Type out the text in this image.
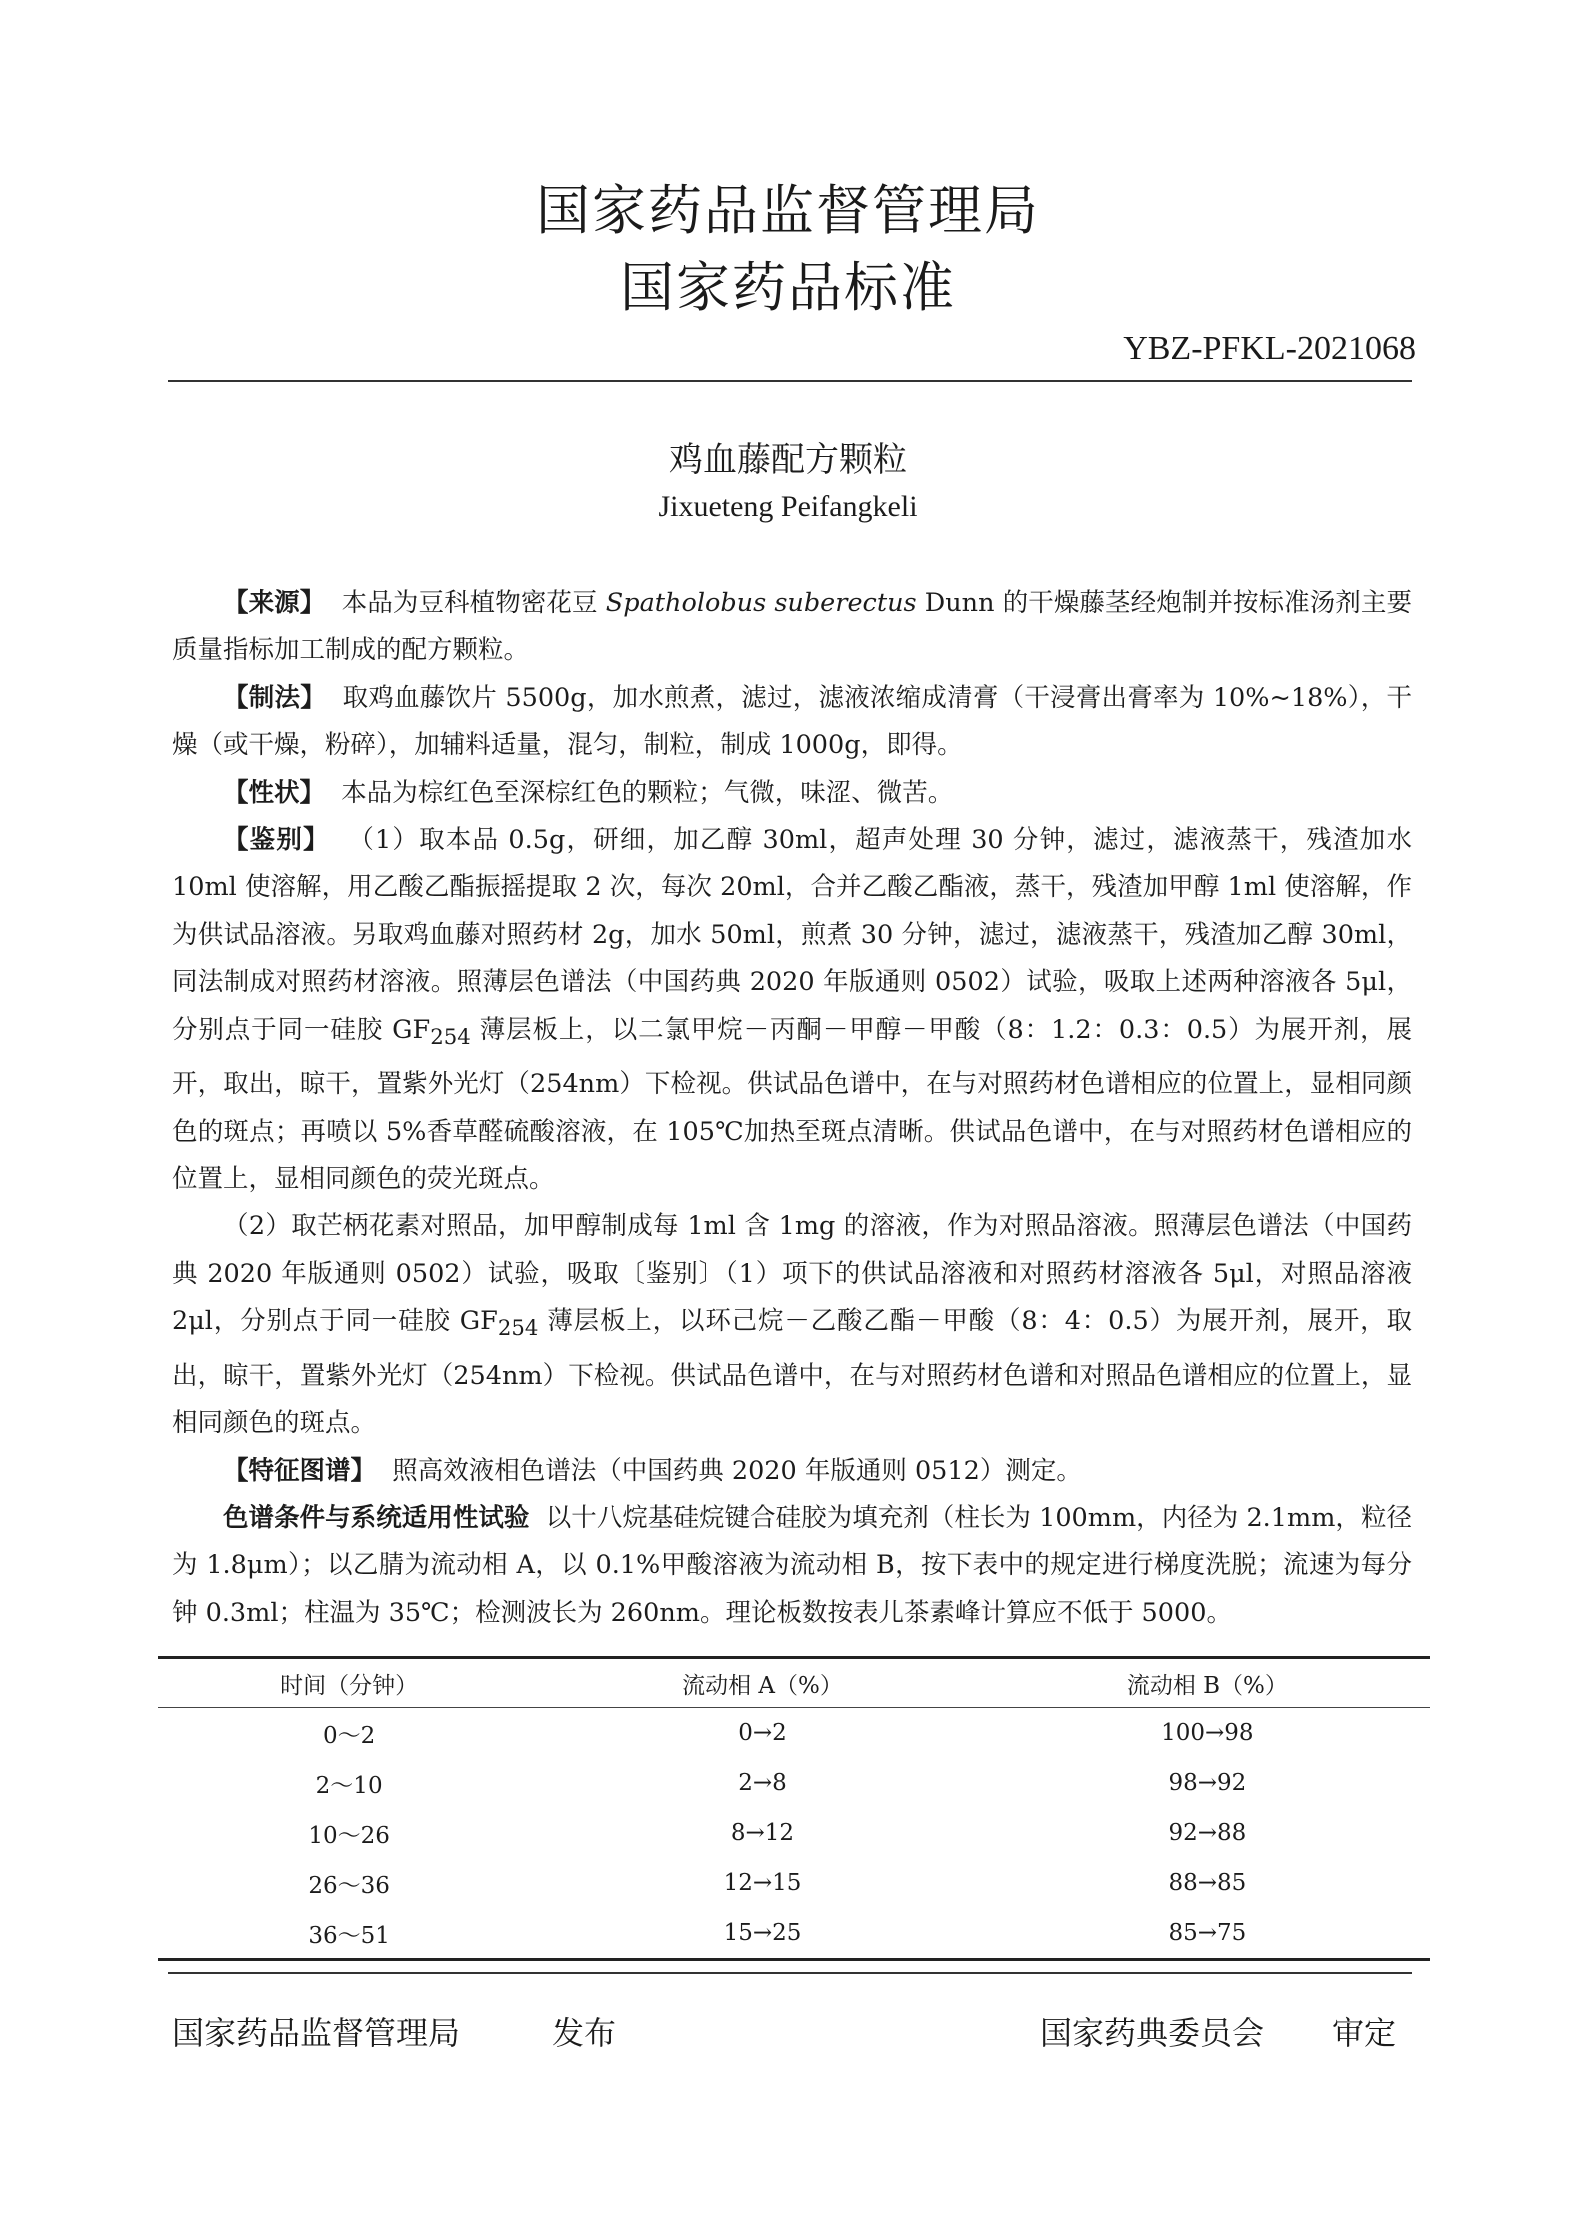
国家药品监督管理局
国家药品标准
YBZ-PFKL-2021068
鸡血藤配方颗粒
Jixueteng Peifangkeli

【来源】 本品为豆科植物密花豆 Spatholobus suberectus Dunn 的干燥藤茎经炮制并按标准汤剂主要质量指标加工制成的配方颗粒。

【制法】 取鸡血藤饮片 5500g，加水煎煮，滤过，滤液浓缩成清膏（干浸膏出膏率为 10%~18%），干燥（或干燥，粉碎），加辅料适量，混匀，制粒，制成 1000g，即得。

【性状】 本品为棕红色至深棕红色的颗粒；气微，味涩、微苦。

【鉴别】 （1）取本品 0.5g，研细，加乙醇 30ml，超声处理 30 分钟，滤过，滤液蒸干，残渣加水 10ml 使溶解，用乙酸乙酯振摇提取 2 次，每次 20ml，合并乙酸乙酯液，蒸干，残渣加甲醇 1ml 使溶解，作为供试品溶液。另取鸡血藤对照药材 2g，加水 50ml，煎煮 30 分钟，滤过，滤液蒸干，残渣加乙醇 30ml，同法制成对照药材溶液。照薄层色谱法（中国药典 2020 年版通则 0502）试验，吸取上述两种溶液各 5μl，分别点于同一硅胶 $GF_{254}$ 薄层板上，以二氯甲烷－丙酮－甲醇－甲酸（8：1.2：0.3：0.5）为展开剂，展开，取出，晾干，置紫外光灯（254nm）下检视。供试品色谱中，在与对照药材色谱相应的位置上，显相同颜色的斑点；再喷以 5%香草醛硫酸溶液，在 105℃加热至斑点清晰。供试品色谱中，在与对照药材色谱相应的位置上，显相同颜色的荧光斑点。

（2）取芒柄花素对照品，加甲醇制成每 1ml 含 1mg 的溶液，作为对照品溶液。照薄层色谱法（中国药典 2020 年版通则 0502）试验，吸取〔鉴别〕（1）项下的供试品溶液和对照药材溶液各 5μl，对照品溶液 2μl，分别点于同一硅胶 $GF_{254}$ 薄层板上，以环己烷－乙酸乙酯－甲酸（8：4：0.5）为展开剂，展开，取出，晾干，置紫外光灯（254nm）下检视。供试品色谱中，在与对照药材色谱和对照品色谱相应的位置上，显相同颜色的斑点。

【特征图谱】 照高效液相色谱法（中国药典 2020 年版通则 0512）测定。

色谱条件与系统适用性试验 以十八烷基硅烷键合硅胶为填充剂（柱长为 100mm，内径为 2.1mm，粒径为 1.8μm）；以乙腈为流动相 A，以 0.1%甲酸溶液为流动相 B，按下表中的规定进行梯度洗脱；流速为每分钟 0.3ml；柱温为 35℃；检测波长为 260nm。理论板数按表儿茶素峰计算应不低于 5000。

时间（分钟）	流动相 A（%）	流动相 B（%）
0～2	0→2	100→98
2～10	2→8	98→92
10～26	8→12	92→88
26～36	12→15	88→85
36～51	15→25	85→75
国家药品监督管理局	发布	国家药典委员会 审定
